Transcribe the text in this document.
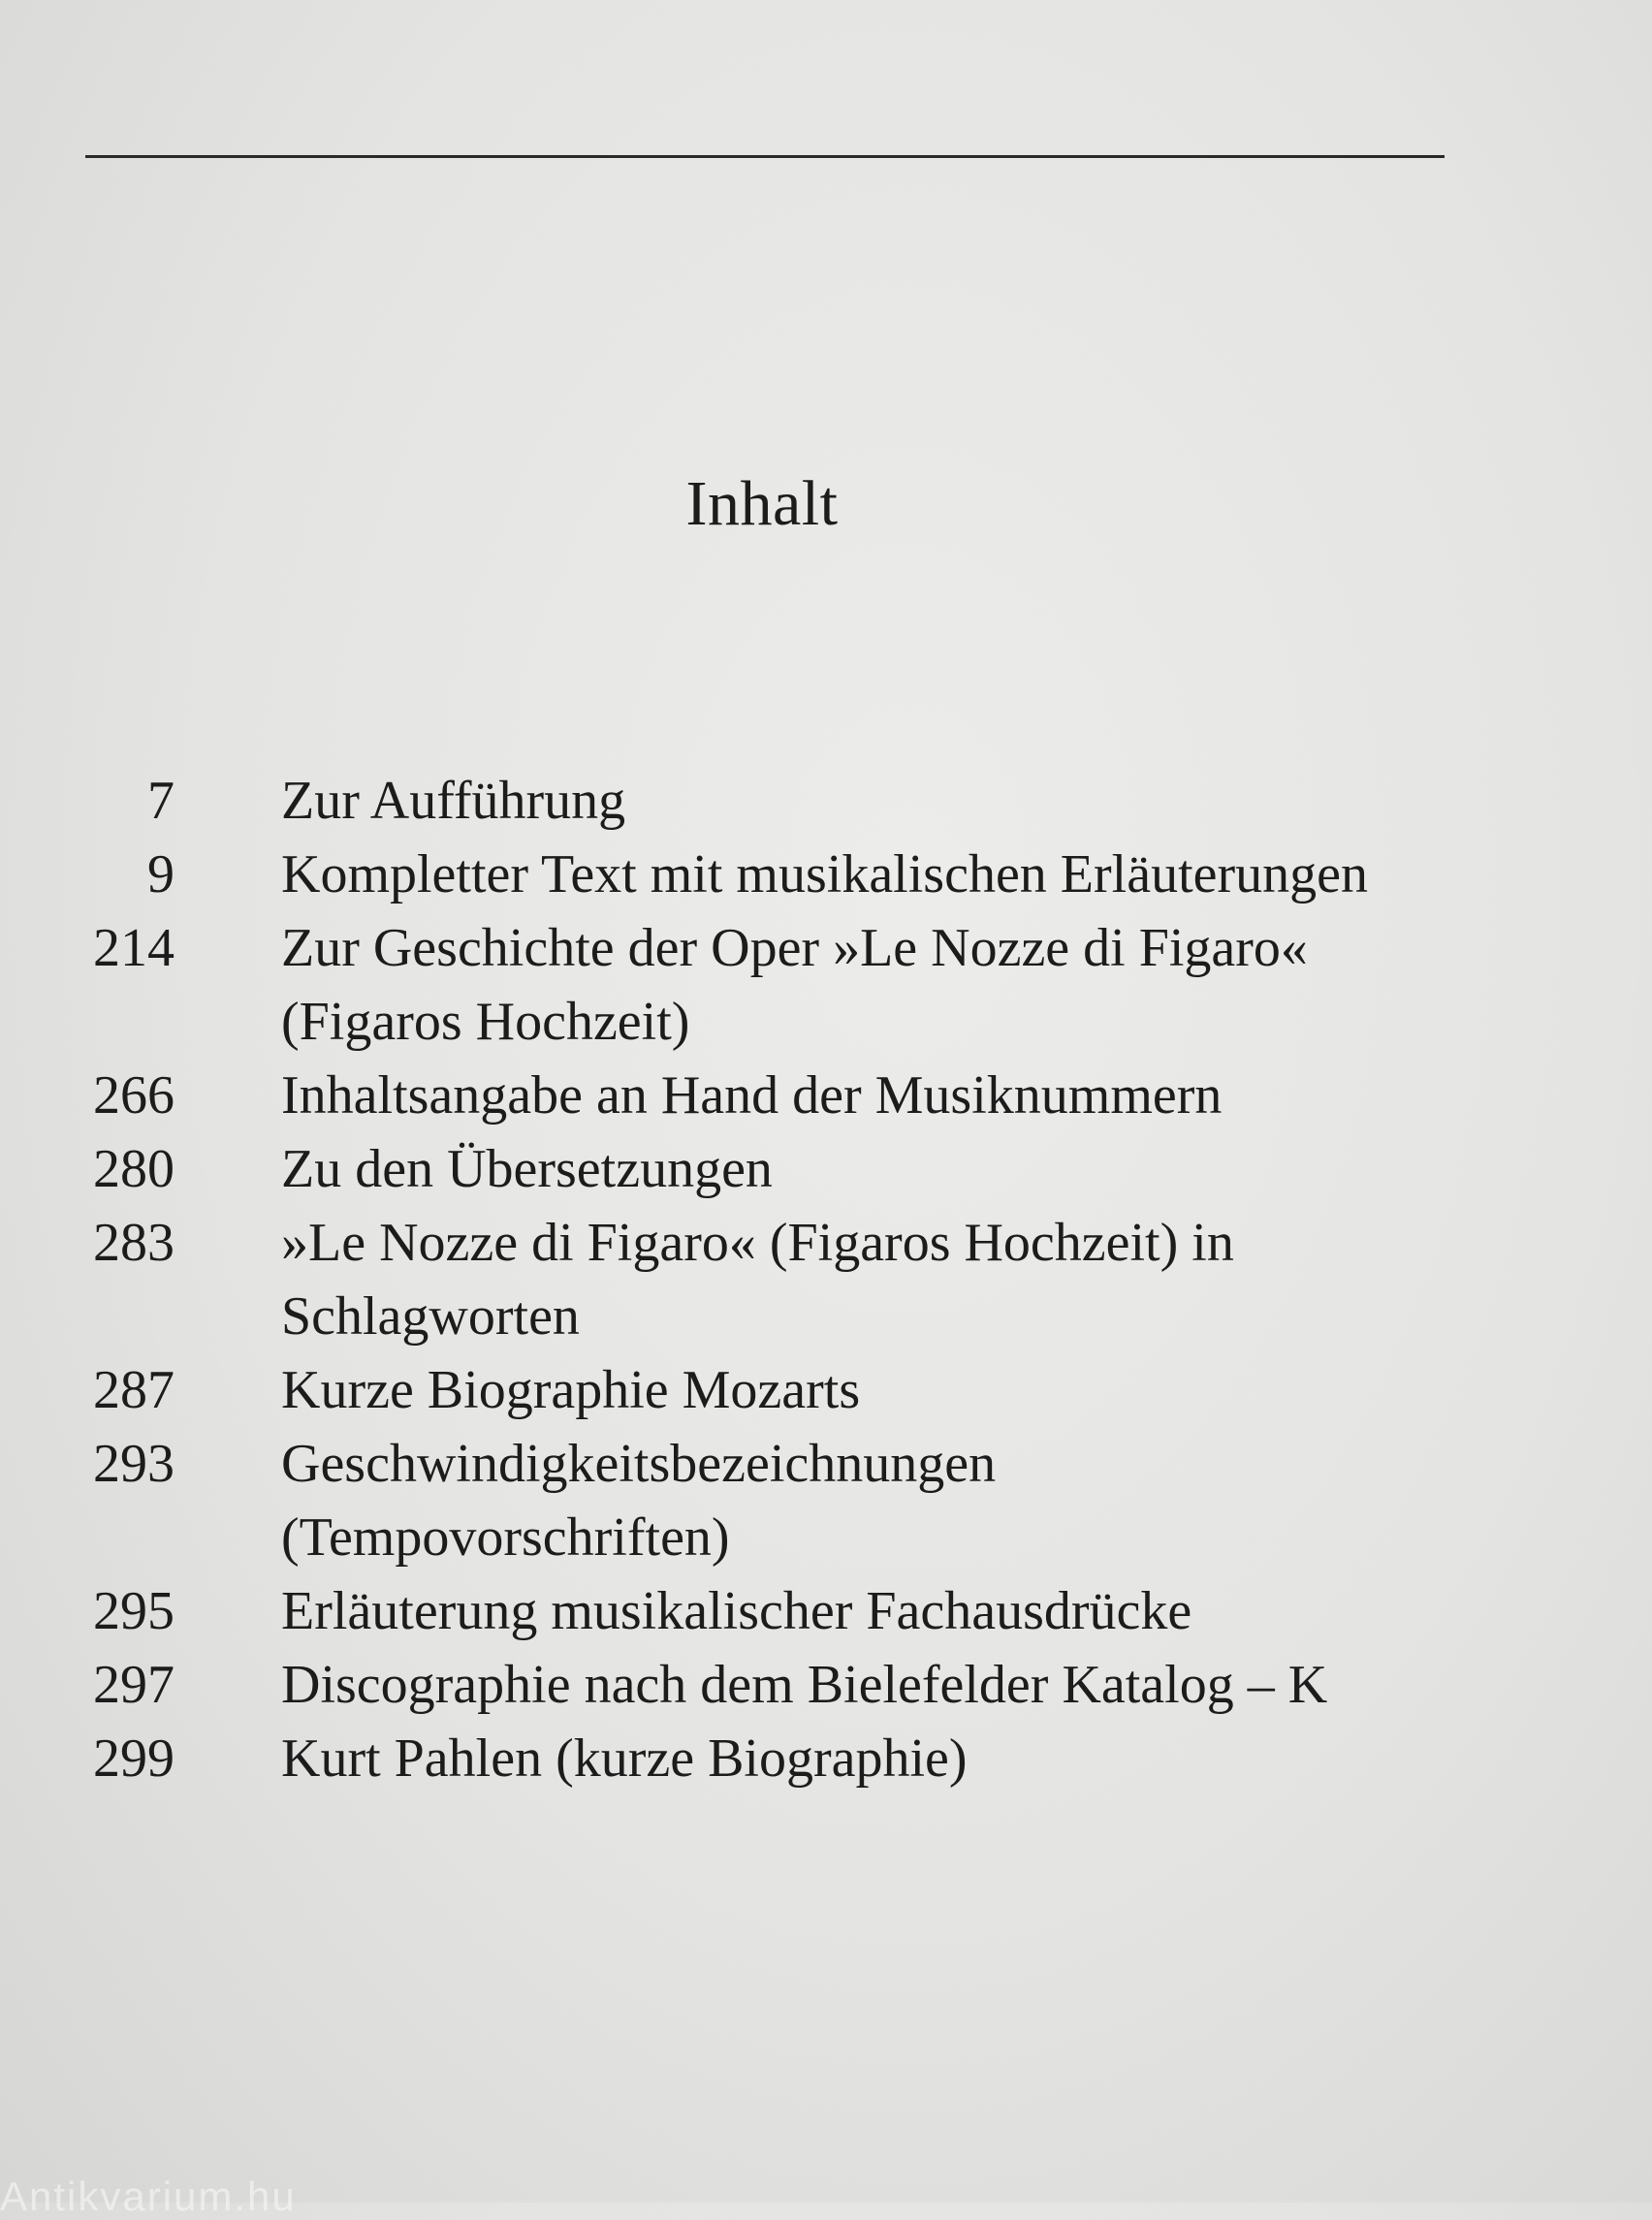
Inhalt
7 Zur Aufführung
9 Kompletter Text mit musikalischen Erläuterungen
214 Zur Geschichte der Oper »Le Nozze di Figaro«
(Figaros Hochzeit)
266 Inhaltsangabe an Hand der Musiknummern
280 Zu den Übersetzungen
283 »Le Nozze di Figaro« (Figaros Hochzeit) in
Schlagworten
287 Kurze Biographie Mozarts
293 Geschwindigkeitsbezeichnungen
(Tempovorschriften)
295 Erläuterung musikalischer Fachausdrücke
297 Discographie nach dem Bielefelder Katalog – K
299 Kurt Pahlen (kurze Biographie)
Antikvarium.hu
